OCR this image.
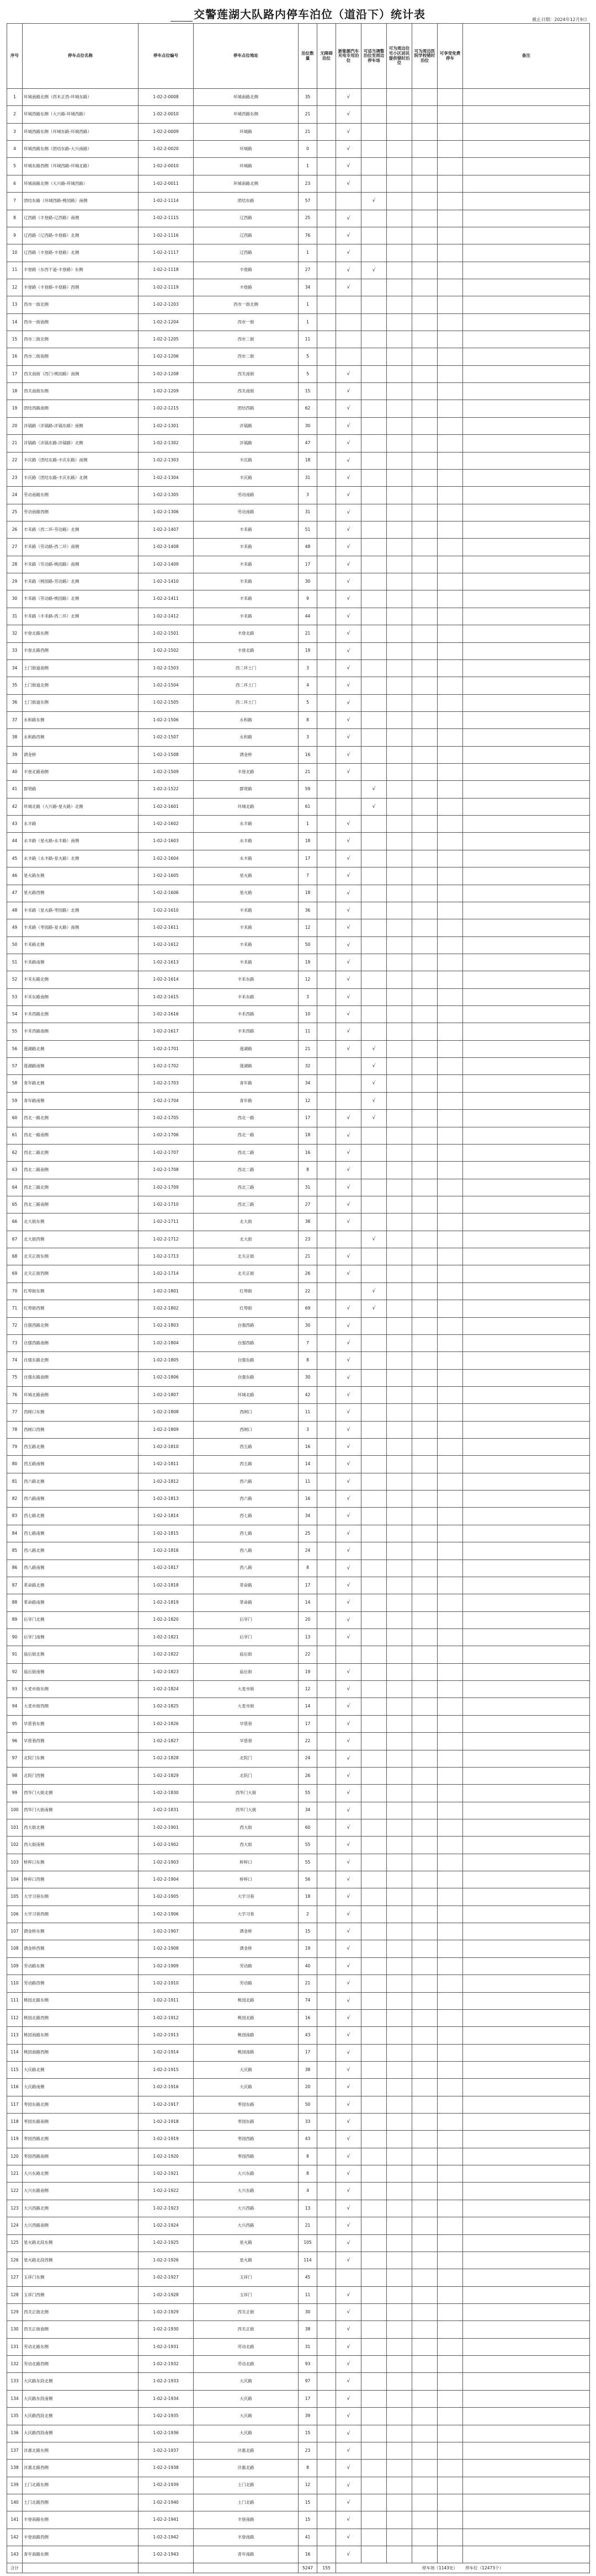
交警莲湖大队路内停车泊位（道沿下）统计表	截止日期：2024年12月9日
序号	停车点位名称	停车点位编号	停车点位地址	泊位数量	无障碍泊位	新能源汽车充电专用泊位	可适当调整泊位至周边停车场	可为周边住宅小区居民提供错时泊位	可为周边医院学校错时泊位	可享受免费停车	备注
1	环城南路北侧（西木正西-环城东路）	1-02-2-0008	环城南路北侧	35		√					
2	环城西路东侧（大兴路-环城西路）	1-02-2-0010	环城西路东侧	21		√					
3	环城西路东侧（环城东路-环城西路）	1-02-2-0009	环城路	21		√					
4	环城西路东侧（团结东路-大兴南路）	1-02-2-0020	环城路	0		√					
5	环城东路西侧（环城西路-环城北路）	1-02-2-0010	环城路	1		√					
6	环城南路北侧（大兴路-环城西路）	1-02-2-0011	环城南路北侧	23		√					
7	团结东路（环城西路-桃园路）南侧	1-02-2-1114	团结东路	57			√				
8	辽西路（丰登路-辽西路）南侧	1-02-2-1115	辽西路	25		√					
9	辽西路（辽西路-丰登路）北侧	1-02-2-1116	辽西路	76		√					
10	辽西路（丰登路-丰登路）北侧	1-02-2-1117	辽西路	1		√					
11	丰登路（东西干道-丰登路）东侧	1-02-2-1118	丰登路	27		√	√				
12	丰登路（丰登路-丰登路）西侧	1-02-2-1119	丰登路	34		√					
13	西市一街北侧	1-02-2-1203	西市一街北侧	1							
14	西市一街南侧	1-02-2-1204	西市一街	1							
15	西市二街北侧	1-02-2-1205	西市二街	11							
16	西市二街南侧	1-02-2-1206	西市二街	5							
17	西关南街（西门-桃园路）南侧	1-02-2-1208	西关南街	5		√					
18	西关南街东侧	1-02-2-1209	西关南街	15		√					
19	团结西路南侧	1-02-2-1215	团结西路	62		√					
20	沣镐路（沣镐路-沣镐东路）南侧	1-02-2-1301	沣镐路	30		√					
21	沣镐路（沣镐东路-沣镐路）北侧	1-02-2-1302	沣镐路	47		√					
22	丰庆路（团结东路-丰庆东路）南侧	1-02-2-1303	丰庆路	18		√					
23	丰庆路（团结东路-丰庆东路）北侧	1-02-2-1304	丰庆路	31		√					
24	劳动南路东侧	1-02-2-1305	劳动南路	3		√					
25	劳动南路西侧	1-02-2-1306	劳动南路	31		√					
26	丰禾路（西二环-劳动路）北侧	1-02-2-1407	丰禾路	51		√					
27	丰禾路（劳动路-西二环）南侧	1-02-2-1408	丰禾路	48		√					
28	丰禾路（劳动路-桃园路）南侧	1-02-2-1409	丰禾路	17		√					
29	丰禾路（桃园路-劳动路）北侧	1-02-2-1410	丰禾路	30		√					
30	丰禾路（劳动路-桃园路）北侧	1-02-2-1411	丰禾路	9		√					
31	丰禾路（丰禾路-西二环）北侧	1-02-2-1412	丰禾路	44		√					
32	丰登北路东侧	1-02-2-1501	丰登北路	21		√					
33	丰登北路西侧	1-02-2-1502	丰登北路	19		√					
34	土门街道南侧	1-02-2-1503	西二环土门	3		√					
35	土门街道北侧	1-02-2-1504	西二环土门	4		√					
36	土门街道东侧	1-02-2-1505	西二环土门	5		√					
37	永和路东侧	1-02-2-1506	永和路	8		√					
38	永和路西侧	1-02-2-1507	永和路	3		√					
39	洒金桥	1-02-2-1508	洒金桥	16		√					
40	丰登北路南侧	1-02-2-1509	丰登北路	21		√					
41	群贤路	1-02-2-1522	群贤路	59			√				
42	环城北路（大兴路-星火路）北侧	1-02-2-1601	环城北路	61			√				
43	永丰路	1-02-2-1602	永丰路	1		√					
44	永丰路（星火路-永丰路）南侧	1-02-2-1603	永丰路	18		√					
45	永丰路（永丰路-星火路）北侧	1-02-2-1604	永丰路	17		√					
46	星火路东侧	1-02-2-1605	星火路	7		√					
47	星火路西侧	1-02-2-1606	星火路	18		√					
48	丰禾路（星火路-枣园路）北侧	1-02-2-1610	丰禾路	36		√					
49	丰禾路（枣园路-星火路）南侧	1-02-2-1611	丰禾路	12		√					
50	丰禾路北侧	1-02-2-1612	丰禾路	50		√					
51	丰禾路南侧	1-02-2-1613	丰禾路	19		√					
52	丰禾东路北侧	1-02-2-1614	丰禾东路	12		√					
53	丰禾东路南侧	1-02-2-1615	丰禾东路	3		√					
54	丰禾西路北侧	1-02-2-1616	丰禾西路	10		√					
55	丰禾西路南侧	1-02-2-1617	丰禾西路	11		√					
56	莲湖路北侧	1-02-2-1701	莲湖路	21		√	√				
57	莲湖路南侧	1-02-2-1702	莲湖路	32			√				
58	青年路北侧	1-02-2-1703	青年路	34			√				
59	青年路南侧	1-02-2-1704	青年路	12			√				
60	西北一路北侧	1-02-2-1705	西北一路	17		√	√				
61	西北一路南侧	1-02-2-1706	西北一路	18		√					
62	西北二路北侧	1-02-2-1707	西北二路	16		√					
63	西北二路南侧	1-02-2-1708	西北二路	8		√					
64	西北三路北侧	1-02-2-1709	西北三路	31		√					
65	西北三路南侧	1-02-2-1710	西北三路	27		√					
66	北大街东侧	1-02-2-1711	北大街	38		√					
67	北大街西侧	1-02-2-1712	北大街	23			√				
68	北关正街东侧	1-02-2-1713	北关正街	21		√					
69	北关正街西侧	1-02-2-1714	北关正街	26		√					
70	红埠街东侧	1-02-2-1801	红埠街	22			√				
71	红埠街西侧	1-02-2-1802	红埠街	69		√	√				
72	自强西路北侧	1-02-2-1803	自强西路	30		√					
73	自强西路南侧	1-02-2-1804	自强西路	7		√					
74	自强东路北侧	1-02-2-1805	自强东路	8		√					
75	自强东路南侧	1-02-2-1806	自强东路	30		√					
76	环城北路南侧	1-02-2-1807	环城北路	42		√					
77	西闸口东侧	1-02-2-1808	西闸口	11		√					
78	西闸口西侧	1-02-2-1809	西闸口	3		√					
79	西五路北侧	1-02-2-1810	西五路	16		√					
80	西五路南侧	1-02-2-1811	西五路	14		√					
81	西六路北侧	1-02-2-1812	西六路	11		√					
82	西六路南侧	1-02-2-1813	西六路	16		√					
83	西七路北侧	1-02-2-1814	西七路	34		√					
84	西七路南侧	1-02-2-1815	西七路	25		√					
85	西八路北侧	1-02-2-1816	西八路	24		√					
86	西八路南侧	1-02-2-1817	西八路	8		√					
87	革命路北侧	1-02-2-1818	革命路	17		√					
88	革命路南侧	1-02-2-1819	革命路	14		√					
89	后宰门北侧	1-02-2-1820	后宰门	20		√					
90	后宰门南侧	1-02-2-1821	后宰门	13		√					
91	庙后街北侧	1-02-2-1822	庙后街	22							
92	庙后街南侧	1-02-2-1823	庙后街	19		√					
93	大麦市街东侧	1-02-2-1824	大麦市街	12		√					
94	大麦市街西侧	1-02-2-1825	大麦市街	14		√					
95	早慈巷东侧	1-02-2-1826	早慈巷	17		√					
96	早慈巷西侧	1-02-2-1827	早慈巷	22		√					
97	北院门东侧	1-02-2-1828	北院门	24		√					
98	北院门西侧	1-02-2-1829	北院门	26		√					
99	西华门大街北侧	1-02-2-1830	西华门大街	55		√					
100	西华门大街南侧	1-02-2-1831	西华门大街	34		√					
101	西大街北侧	1-02-2-1901	西大街	60		√					
102	西大街南侧	1-02-2-1902	西大街	55		√					
103	桥梓口东侧	1-02-2-1903	桥梓口	55		√					
104	桥梓口西侧	1-02-2-1904	桥梓口	56		√					
105	大学习巷东侧	1-02-2-1905	大学习巷	18		√					
106	大学习巷西侧	1-02-2-1906	大学习巷	2		√					
107	洒金桥东侧	1-02-2-1907	洒金桥	15		√					
108	洒金桥西侧	1-02-2-1908	洒金桥	19		√					
109	劳动路东侧	1-02-2-1909	劳动路	40		√					
110	劳动路西侧	1-02-2-1910	劳动路	21		√					
111	桃园北路东侧	1-02-2-1911	桃园北路	74		√					
112	桃园北路西侧	1-02-2-1912	桃园北路	16		√					
113	桃园南路东侧	1-02-2-1913	桃园南路	43		√					
114	桃园南路西侧	1-02-2-1914	桃园南路	17		√					
115	大庆路北侧	1-02-2-1915	大庆路	38		√					
116	大庆路南侧	1-02-2-1916	大庆路	20		√					
117	枣园东路北侧	1-02-2-1917	枣园东路	50		√					
118	枣园东路南侧	1-02-2-1918	枣园东路	33		√					
119	枣园西路北侧	1-02-2-1919	枣园西路	43		√					
120	枣园西路南侧	1-02-2-1920	枣园西路	8		√					
121	大兴东路北侧	1-02-2-1921	大兴东路	8		√					
122	大兴东路南侧	1-02-2-1922	大兴东路	4		√					
123	大兴西路北侧	1-02-2-1923	大兴西路	13		√					
124	大兴西路南侧	1-02-2-1924	大兴西路	21		√					
125	星火路北段东侧	1-02-2-1925	星火路	105		√					
126	星火路北段西侧	1-02-2-1926	星火路	114		√					
127	玉祥门东侧	1-02-2-1927	玉祥门	45							
128	玉祥门西侧	1-02-2-1928	玉祥门	11		√					
129	西关正街北侧	1-02-2-1929	西关正街	30		√					
130	西关正街南侧	1-02-2-1930	西关正街	38		√					
131	劳动北路东侧	1-02-2-1931	劳动北路	31		√					
132	劳动北路西侧	1-02-2-1932	劳动北路	93		√					
133	大庆路东段北侧	1-02-2-1933	大庆路	97		√					
134	大庆路东段南侧	1-02-2-1934	大庆路	17		√					
135	大庆路西段北侧	1-02-2-1935	大庆路	39		√					
136	大庆路西段南侧	1-02-2-1936	大庆路	15		√					
137	沣惠北路东侧	1-02-2-1937	沣惠北路	23		√					
138	沣惠北路西侧	1-02-2-1938	沣惠北路	8		√					
139	土门北路东侧	1-02-2-1939	土门北路	12		√					
140	土门北路西侧	1-02-2-1940	土门北路	15		√					
141	丰登南路东侧	1-02-2-1941	丰登南路	15		√					
142	丰登南路西侧	1-02-2-1942	丰登南路	41		√					
143	青年南路东侧	1-02-2-1943	青年南路	16		√					
合计				5247	155	停车场（1143处） 停车位（12473个）					
